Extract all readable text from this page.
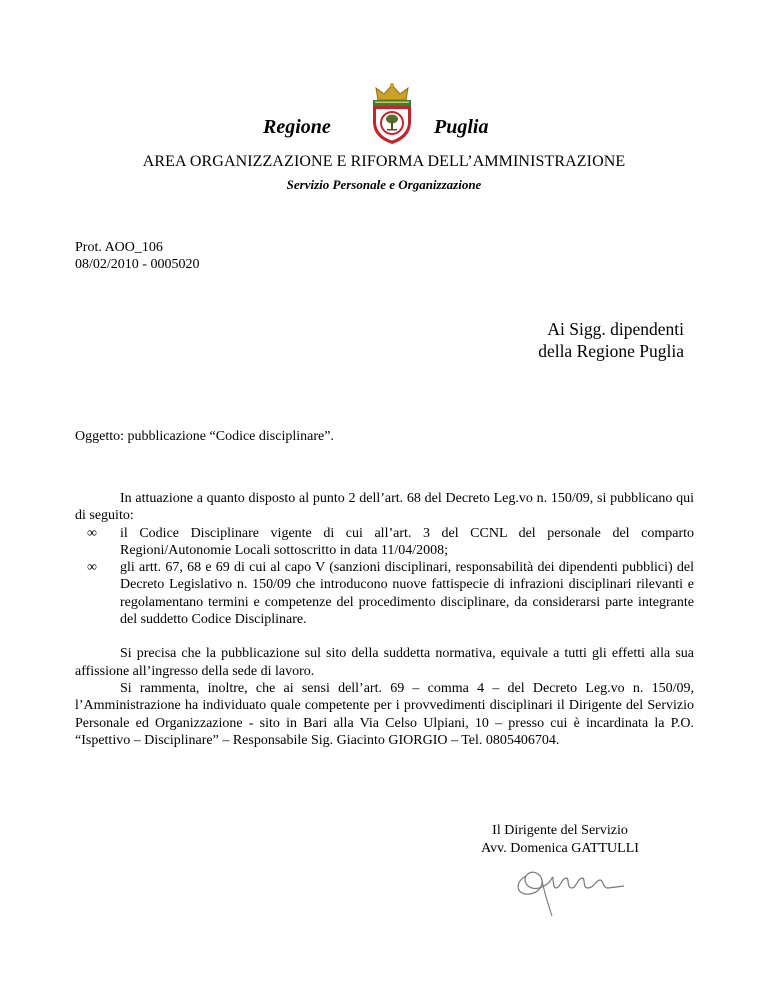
Regione	Puglia
AREA ORGANIZZAZIONE E RIFORMA DELL’AMMINISTRAZIONE
Servizio Personale e Organizzazione
Prot. AOO_106
08/02/2010 - 0005020
Ai Sigg. dipendenti
della Regione Puglia
Oggetto: pubblicazione “Codice disciplinare”.

In attuazione a quanto disposto al punto 2 dell’art. 68 del Decreto Leg.vo n. 150/09, si pubblicano qui di seguito:

∞ il Codice Disciplinare vigente di cui all’art. 3 del CCNL del personale del comparto Regioni/Autonomie Locali sottoscritto in data 11/04/2008;

∞ gli artt. 67, 68 e 69 di cui al capo V (sanzioni disciplinari, responsabilità dei dipendenti pubblici) del Decreto Legislativo n. 150/09 che introducono nuove fattispecie di infrazioni disciplinari rilevanti e regolamentano termini e competenze del procedimento disciplinare, da considerarsi parte integrante del suddetto Codice Disciplinare.

Si precisa che la pubblicazione sul sito della suddetta normativa, equivale a tutti gli effetti alla sua affissione all’ingresso della sede di lavoro.

Si rammenta, inoltre, che ai sensi dell’art. 69 – comma 4 – del Decreto Leg.vo n. 150/09, l’Amministrazione ha individuato quale competente per i provvedimenti disciplinari il Dirigente del Servizio Personale ed Organizzazione - sito in Bari alla Via Celso Ulpiani, 10 – presso cui è incardinata la P.O. “Ispettivo – Disciplinare” – Responsabile Sig. Giacinto GIORGIO – Tel. 0805406704.

Il Dirigente del Servizio
Avv. Domenica GATTULLI
